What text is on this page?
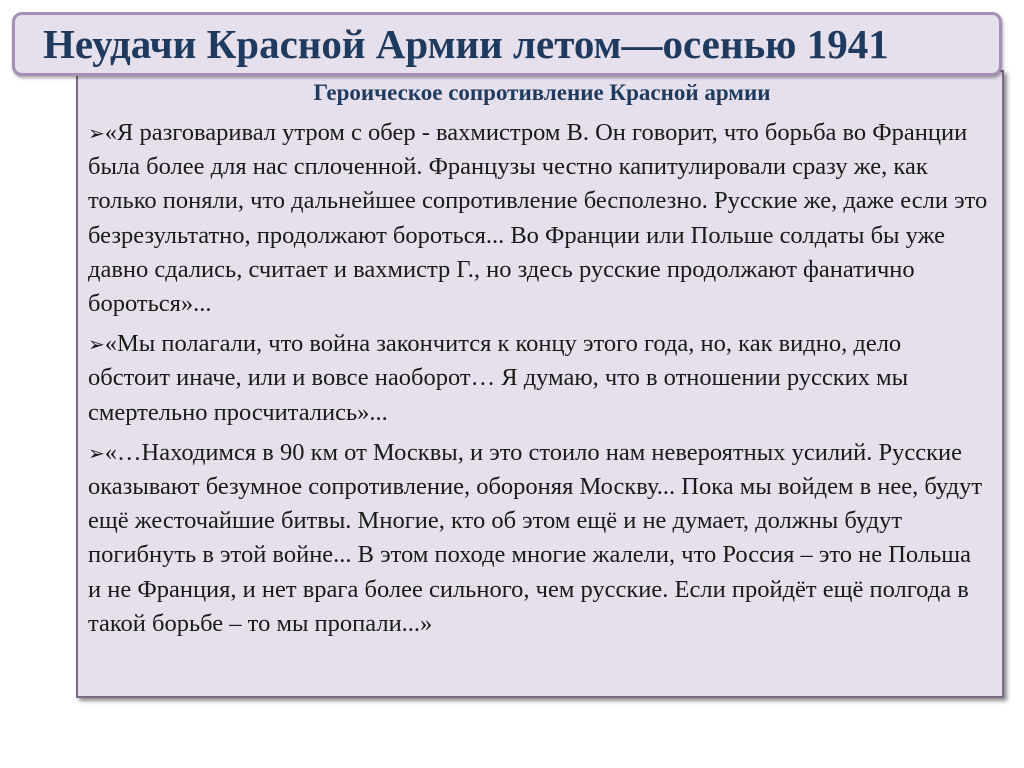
Героическое сопротивление Красной армии
➢«Я разговаривал утром с обер - вахмистром В. Он говорит, что борьба во Франции была более для нас сплоченной. Французы честно капитулировали сразу же, как только поняли, что дальнейшее сопротивление бесполезно. Русские же, даже если это безрезультатно, продолжают бороться... Во Франции или Польше солдаты бы уже давно сдались, считает и вахмистр Г., но здесь русские продолжают фанатично бороться»...
➢«Мы полагали, что война закончится к концу этого года, но, как видно, дело обстоит иначе, или и вовсе наоборот… Я думаю, что в отношении русских мы смертельно просчитались»...
➢«…Находимся в 90 км от Москвы, и это стоило нам невероятных усилий. Русские оказывают безумное сопротивление, обороняя Москву... Пока мы войдем в нее, будут ещё жесточайшие битвы. Многие, кто об этом ещё и не думает, должны будут погибнуть в этой войне... В этом походе многие жалели, что Россия – это не Польша и не Франция, и нет врага более сильного, чем русские. Если пройдёт ещё полгода в такой борьбе – то мы пропали...»
Неудачи Красной Армии летом—осенью 1941
